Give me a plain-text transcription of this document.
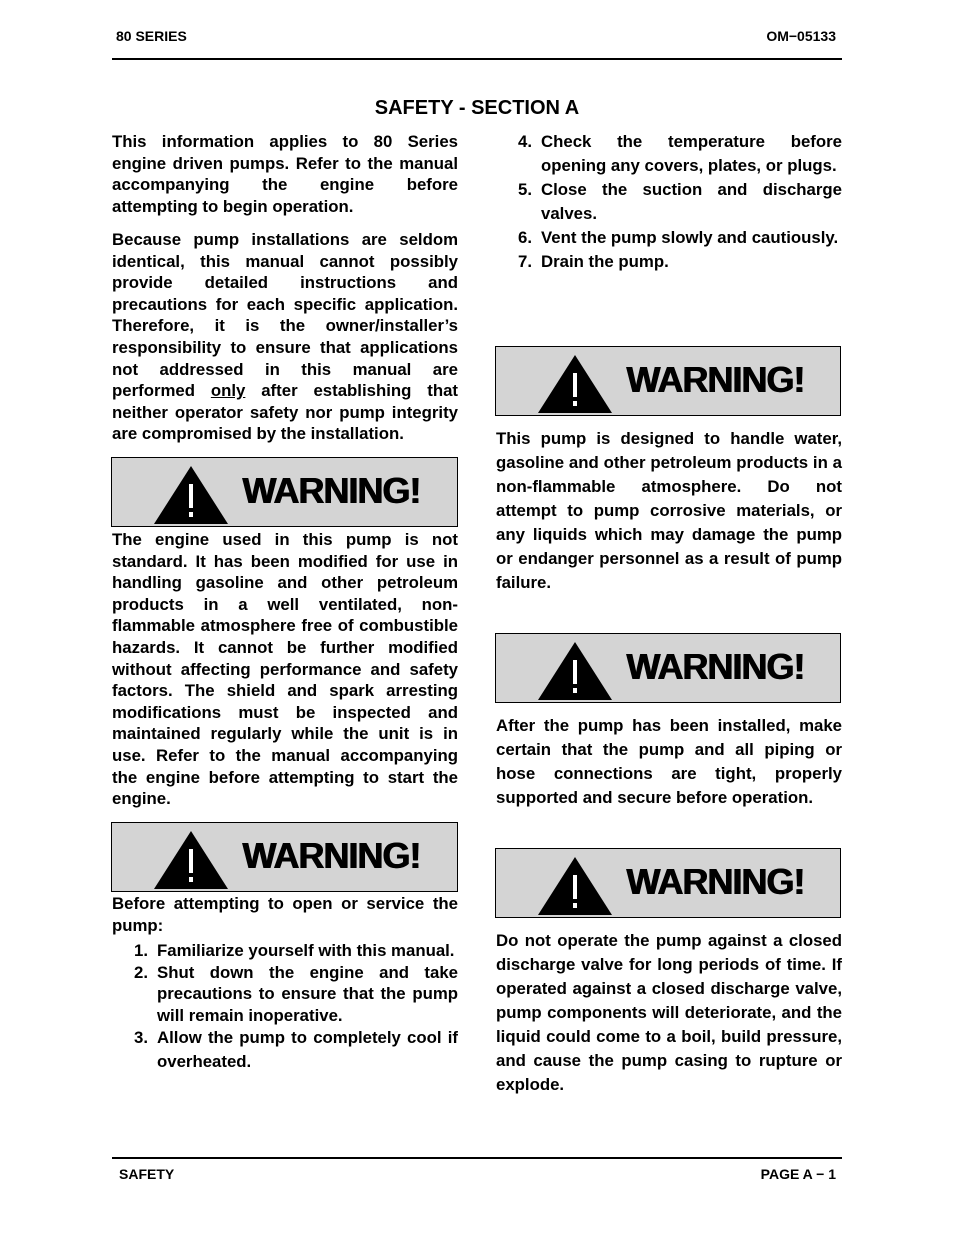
80 SERIES	OM−05133
SAFETY - SECTION A
This information applies to 80 Series engine driven pumps. Refer to the manual accompanying the engine before attempting to begin operation.
Because pump installations are seldom identical, this manual cannot possibly provide detailed instructions and precautions for each specific application. Therefore, it is the owner/installer’s responsibility to ensure that applications not addressed in this manual are performed only after establishing that neither operator safety nor pump integrity are compromised by the installation.
WARNING!
The engine used in this pump is not standard. It has been modified for use in handling gasoline and other petroleum products in a well ventilated, non-flammable atmosphere free of combustible hazards. It cannot be further modified without affecting performance and safety factors. The shield and spark arresting modifications must be inspected and maintained regularly while the unit is in use. Refer to the manual accompanying the engine before attempting to start the engine.
WARNING!
Before attempting to open or service the pump:
1. Familiarize yourself with this manual.
2. Shut down the engine and take precautions to ensure that the pump will remain inoperative.
3. Allow the pump to completely cool if overheated.
4. Check the temperature before opening any covers, plates, or plugs.
5. Close the suction and discharge valves.
6. Vent the pump slowly and cautiously.
7. Drain the pump.
WARNING!
This pump is designed to handle water, gasoline and other petroleum products in a non-flammable atmosphere. Do not attempt to pump corrosive materials, or any liquids which may damage the pump or endanger personnel as a result of pump failure.
WARNING!
After the pump has been installed, make certain that the pump and all piping or hose connections are tight, properly supported and secure before operation.
WARNING!
Do not operate the pump against a closed discharge valve for long periods of time. If operated against a closed discharge valve, pump components will deteriorate, and the liquid could come to a boil, build pressure, and cause the pump casing to rupture or explode.
SAFETY	PAGE A − 1
